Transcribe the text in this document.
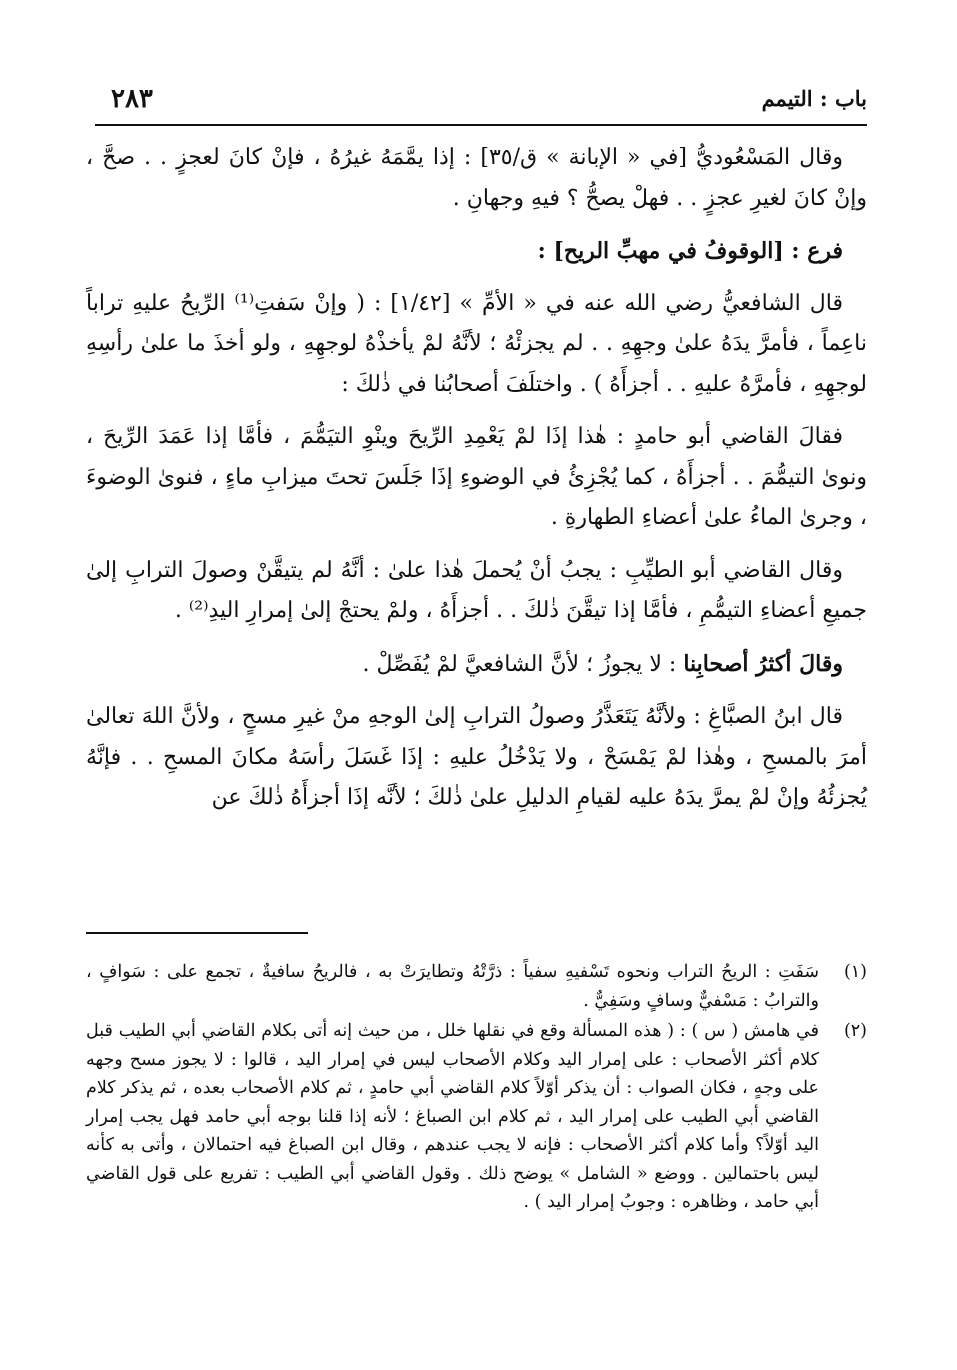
باب : التيمم
٢٨٣

وقال المَسْعُوديُّ [في « الإبانة » ق/٣٥] : إذا يمَّمَهُ غيرُهُ ، فإنْ كانَ لعجزٍ . . صحَّ ، وإنْ كانَ لغيرِ عجزٍ . . فهلْ يصحُّ ؟ فيهِ وجهانِ .

فرع : [الوقوفُ في مهبِّ الريح] :

قال الشافعيُّ رضي الله عنه في « الأمِّ » [١/٤٢] : ( وإنْ سَفتِ⁽¹⁾ الرِّيحُ عليهِ تراباً ناعِماً ، فأمرَّ يدَهُ علىٰ وجهِهِ . . لم يجزئْهُ ؛ لأنَّهُ لمْ يأخذْهُ لوجهِهِ ، ولو أخذَ ما علىٰ رأسِهِ لوجهِهِ ، فأمرَّهُ عليهِ . . أجزأَهُ ) . واختلَفَ أصحابُنا في ذٰلكَ :

فقالَ القاضي أبو حامدٍ : هٰذا إذَا لمْ يَعْمِدِ الرِّيحَ وينْوِ التيَمُّمَ ، فأمَّا إذا عَمَدَ الرِّيحَ ، ونوىٰ التيمُّمَ . . أجزأَهُ ، كما يُجْزِئُ في الوضوءِ إذَا جَلَسَ تحتَ ميزابِ ماءٍ ، فنوىٰ الوضوءَ ، وجرىٰ الماءُ علىٰ أعضاءِ الطهارةِ .

وقال القاضي أبو الطيِّبِ : يجبُ أنْ يُحملَ هٰذا علىٰ : أنَّهُ لم يتيقَّنْ وصولَ الترابِ إلىٰ جميعِ أعضاءِ التيمُّمِ ، فأمَّا إذا تيقَّنَ ذٰلكَ . . أجزأَهُ ، ولمْ يحتجْ إلىٰ إمرارِ اليدِ⁽²⁾ .

وقالَ أكثرُ أصحابِنا : لا يجوزُ ؛ لأنَّ الشافعيَّ لمْ يُفَصِّلْ .

قال ابنُ الصبَّاغِ : ولأنَّهُ يَتَعَذَّرُ وصولُ الترابِ إلىٰ الوجهِ منْ غيرِ مسحٍ ، ولأنَّ اللهَ تعالىٰ أمرَ بالمسحِ ، وهٰذا لمْ يَمْسَحْ ، ولا يَدْخُلُ عليهِ : إذَا غَسَلَ رأسَهُ مكانَ المسحِ . . فإنَّهُ يُجزئُهُ وإنْ لمْ يمرَّ يدَهُ عليه لقيامِ الدليلِ علىٰ ذٰلكَ ؛ لأنَّه إذَا أجزأَهُ ذٰلكَ عن

(١)
سَفَتِ : الريحُ التراب ونحوه تَسْفيهِ سفياً : ذرَّتْهُ وتطايرَتْ به ، فالريحُ سافيةٌ ، تجمع على : سَوافٍ ، والترابُ : مَسْفيٌّ وسافٍ وسَفِيٌّ .
(٢)
في هامش ( س ) : ( هذه المسألة وقع في نقلها خلل ، من حيث إنه أتى بكلام القاضي أبي الطيب قبل كلام أكثر الأصحاب : على إمرار اليد وكلام الأصحاب ليس في إمرار اليد ، قالوا : لا يجوز مسح وجهه على وجهٍ ، فكان الصواب : أن يذكر أوّلاً كلام القاضي أبي حامدٍ ، ثم كلام الأصحاب بعده ، ثم يذكر كلام القاضي أبي الطيب على إمرار اليد ، ثم كلام ابن الصباغ ؛ لأنه إذا قلنا بوجه أبي حامد فهل يجب إمرار اليد أوّلاً؟ وأما كلام أكثر الأصحاب : فإنه لا يجب عندهم ، وقال ابن الصباغ فيه احتمالان ، وأتى به كأنه ليس باحتمالين . ووضع « الشامل » يوضح ذلك . وقول القاضي أبي الطيب : تفريع على قول القاضي أبي حامد ، وظاهره : وجوبُ إمرار اليد ) .
